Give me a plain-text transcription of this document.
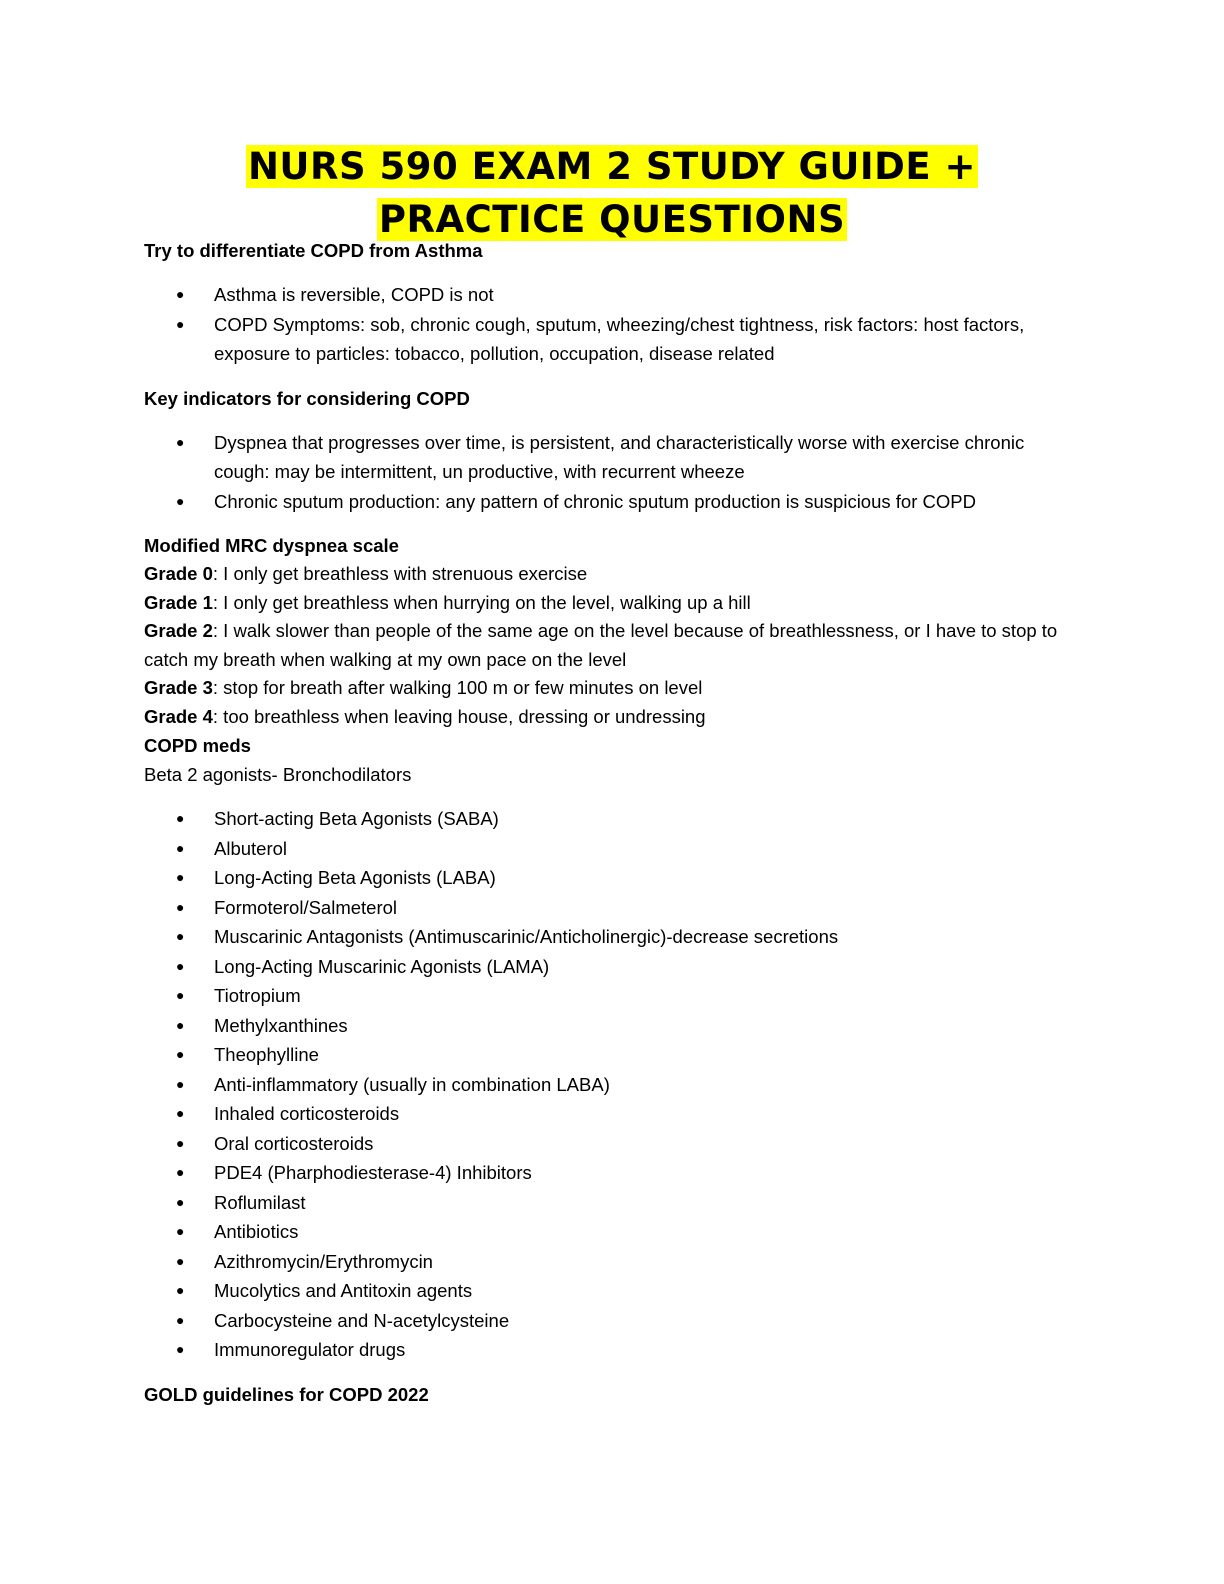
NURS 590 EXAM 2 STUDY GUIDE +
PRACTICE QUESTIONS
Try to differentiate COPD from Asthma
● Asthma is reversible, COPD is not
● COPD Symptoms: sob, chronic cough, sputum, wheezing/chest tightness, risk factors: host factors, exposure to particles: tobacco, pollution, occupation, disease related
Key indicators for considering COPD
● Dyspnea that progresses over time, is persistent, and characteristically worse with exercise chronic cough: may be intermittent, un productive, with recurrent wheeze
● Chronic sputum production: any pattern of chronic sputum production is suspicious for COPD
Modified MRC dyspnea scale
Grade 0: I only get breathless with strenuous exercise
Grade 1: I only get breathless when hurrying on the level, walking up a hill
Grade 2: I walk slower than people of the same age on the level because of breathlessness, or I have to stop to catch my breath when walking at my own pace on the level
Grade 3: stop for breath after walking 100 m or few minutes on level
Grade 4: too breathless when leaving house, dressing or undressing
COPD meds
Beta 2 agonists- Bronchodilators
● Short-acting Beta Agonists (SABA)
● Albuterol
● Long-Acting Beta Agonists (LABA)
● Formoterol/Salmeterol
● Muscarinic Antagonists (Antimuscarinic/Anticholinergic)-decrease secretions
● Long-Acting Muscarinic Agonists (LAMA)
● Tiotropium
● Methylxanthines
● Theophylline
● Anti-inflammatory (usually in combination LABA)
● Inhaled corticosteroids
● Oral corticosteroids
● PDE4 (Pharphodiesterase-4) Inhibitors
● Roflumilast
● Antibiotics
● Azithromycin/Erythromycin
● Mucolytics and Antitoxin agents
● Carbocysteine and N-acetylcysteine
● Immunoregulator drugs
GOLD guidelines for COPD 2022
